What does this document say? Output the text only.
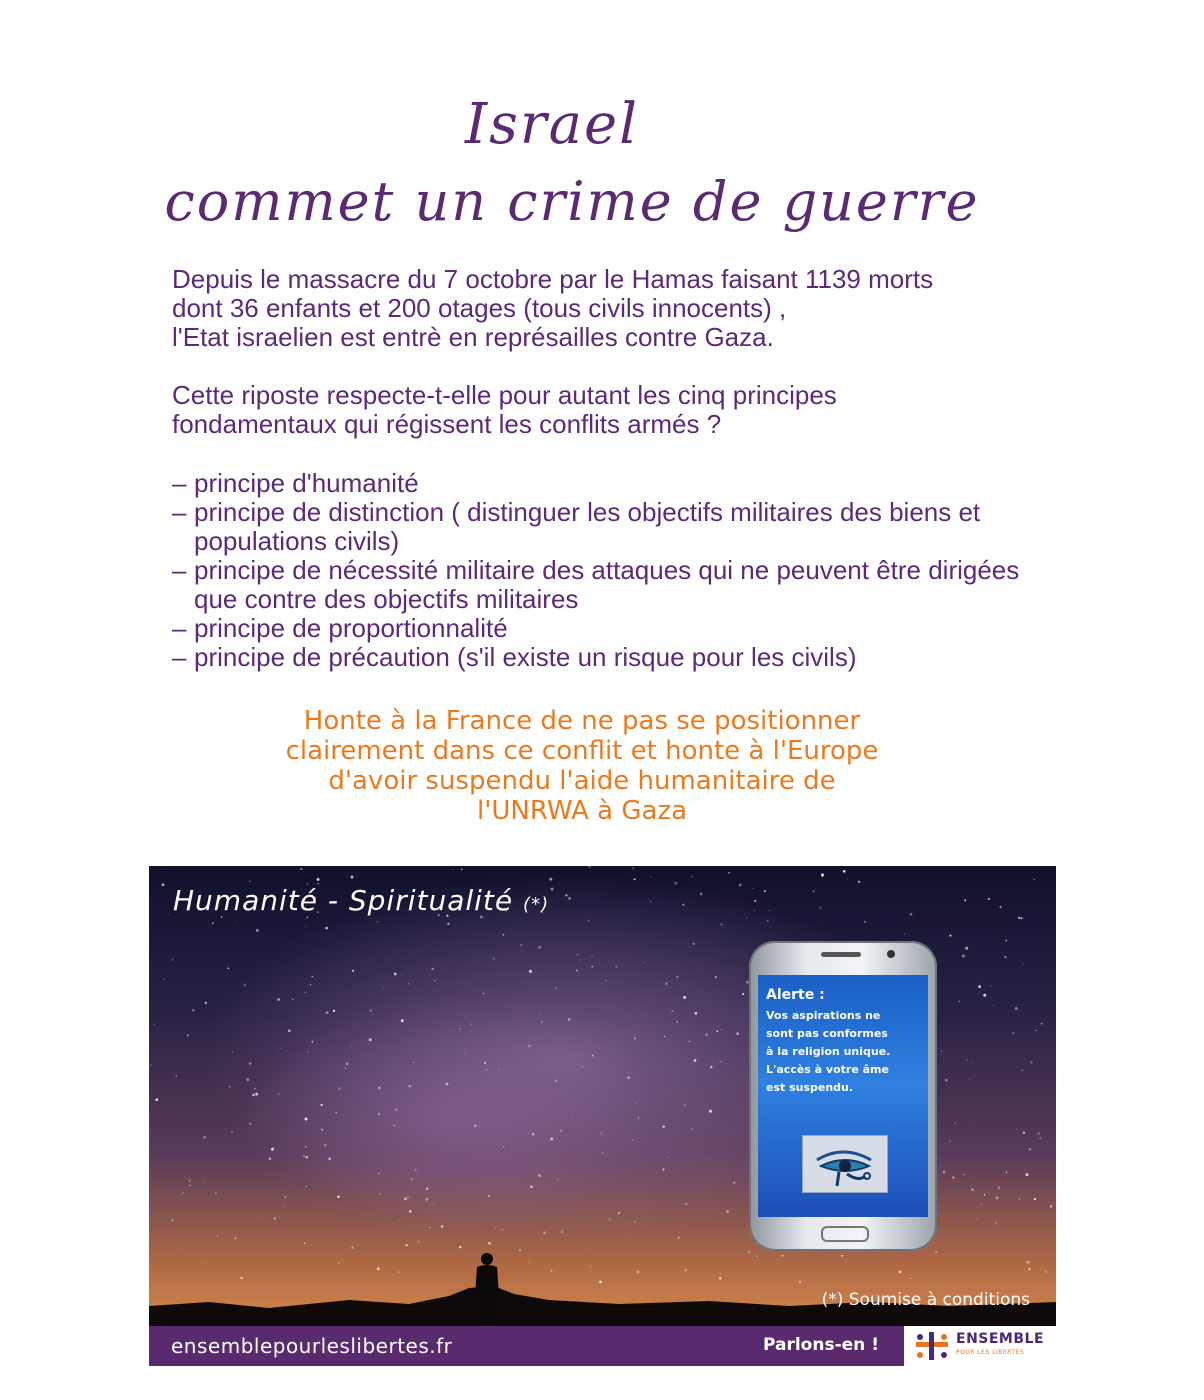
Israel
commet un crime de guerre
Depuis le massacre du 7 octobre par le Hamas faisant 1139 morts
dont 36 enfants et 200 otages (tous civils innocents) ,
l'Etat israelien est entrè en représailles contre Gaza.
Cette riposte respecte-t-elle pour autant les cinq principes
fondamentaux qui régissent les conflits armés ?
– principe d'humanité
– principe de distinction ( distinguer les objectifs militaires des biens et populations civils)
– principe de nécessité militaire des attaques qui ne peuvent être dirigées que contre des objectifs militaires
– principe de proportionnalité
– principe de précaution (s'il existe un risque pour les civils)
Honte à la France de ne pas se positionner
clairement dans ce conflit et honte à l'Europe
d'avoir suspendu l'aide humanitaire de
l'UNRWA à Gaza
Humanité - Spiritualité (*)
Alerte :
Vos aspirations ne
sont pas conformes
à la religion unique.
L'accès à votre âme
est suspendu.
(*) Soumise à conditions
ensemblepourleslibertes.fr	Parlons-en !	ENSEMBLE
POUR LES LIBERTÉS
